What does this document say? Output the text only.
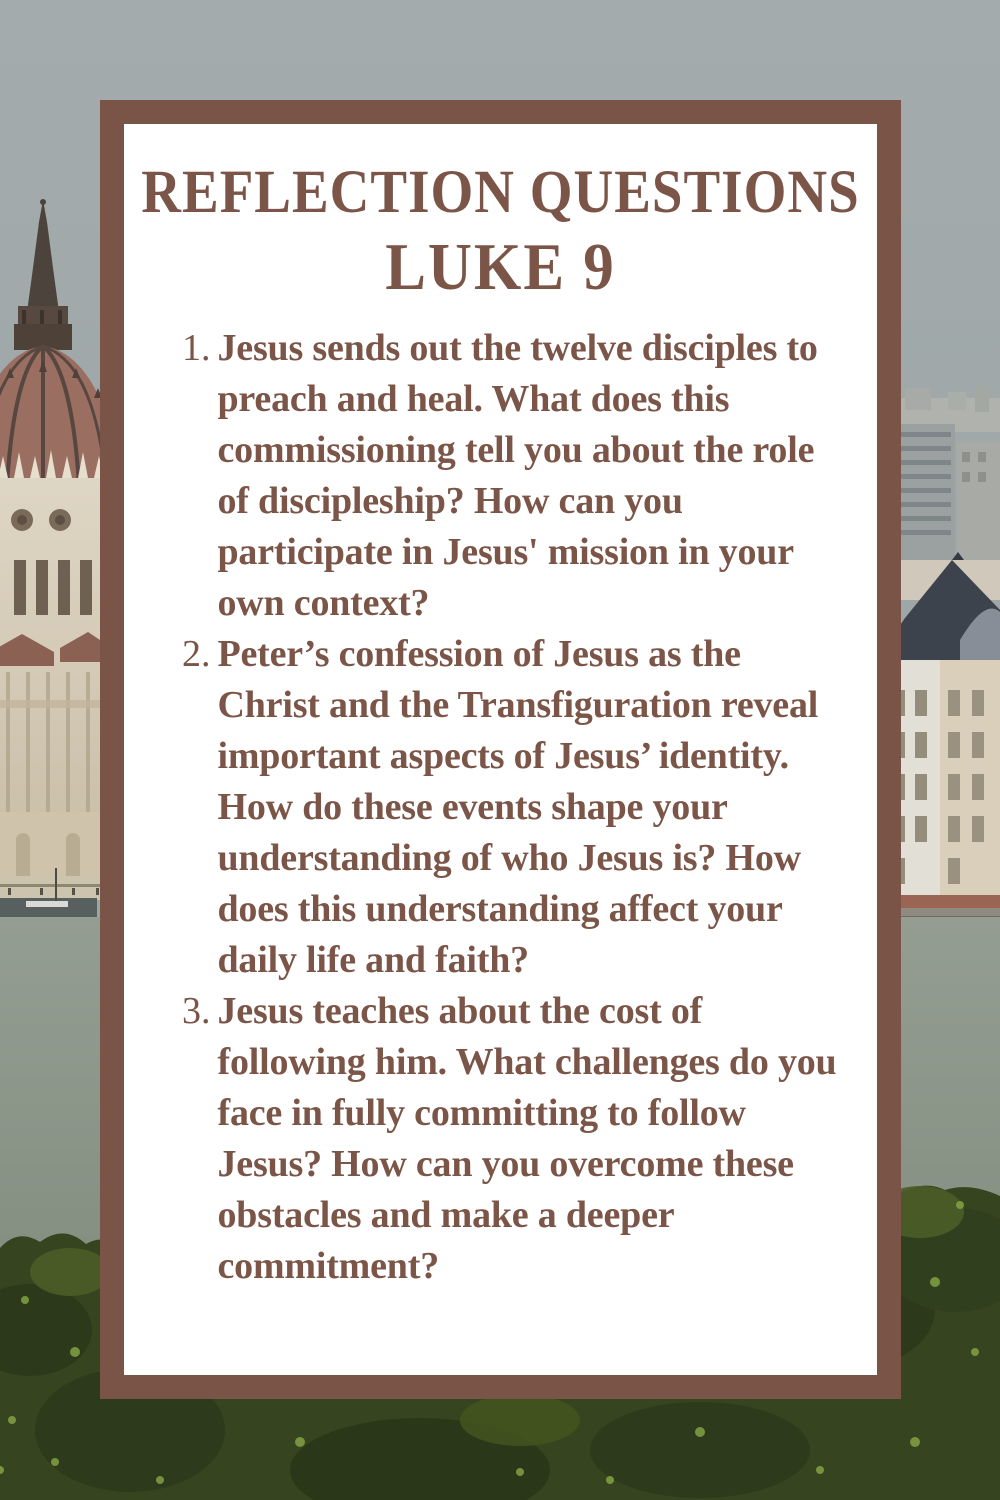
REFLECTION QUESTIONS
LUKE 9
1. Jesus sends out the twelve disciples to preach and heal. What does this commissioning tell you about the role of discipleship? How can you participate in Jesus' mission in your own context?
2. Peter’s confession of Jesus as the Christ and the Transfiguration reveal important aspects of Jesus’ identity. How do these events shape your understanding of who Jesus is? How does this understanding affect your daily life and faith?
3. Jesus teaches about the cost of following him. What challenges do you face in fully committing to follow Jesus? How can you overcome these obstacles and make a deeper commitment?
